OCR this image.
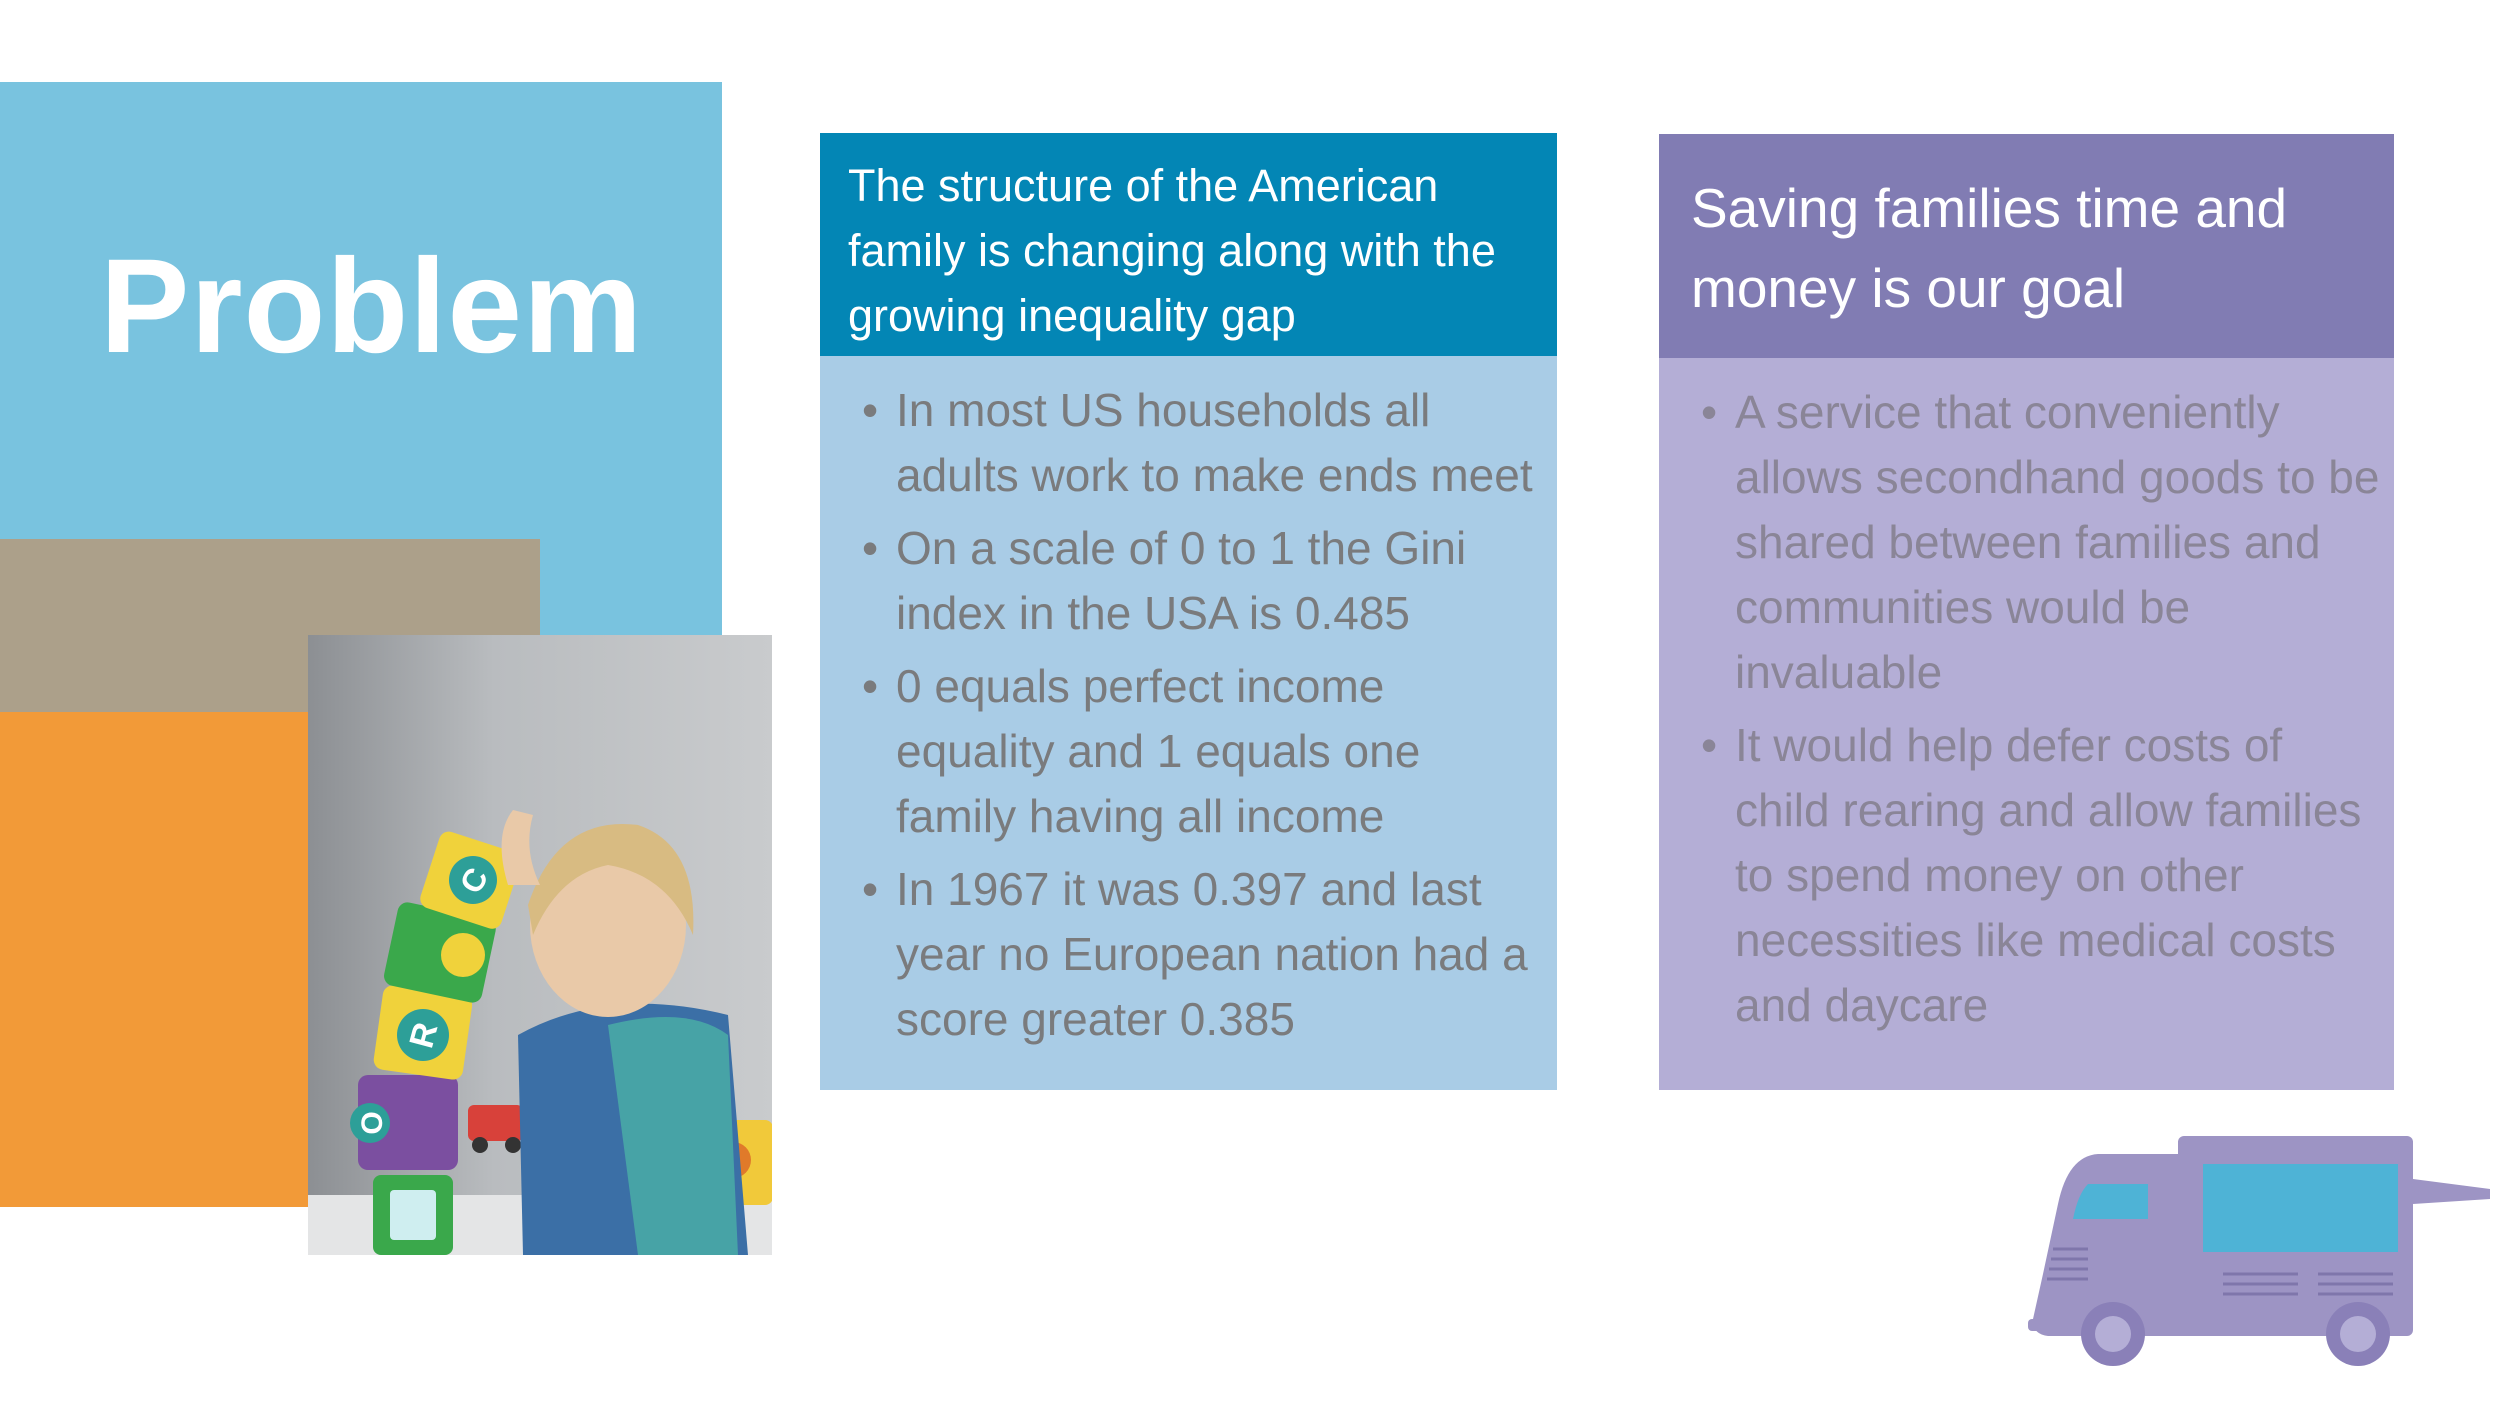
Problem
O
R
C
The structure of the American family is changing along with the growing inequality gap
• In most US households all adults work to make ends meet
• On a scale of 0 to 1 the Gini index in the USA is 0.485
• 0 equals perfect income equality and 1 equals one family having all income
• In 1967 it was 0.397 and last year no European nation had a score greater 0.385
Saving families time and money is our goal
• A service that conveniently allows secondhand goods to be shared between families and communities would be invaluable
• It would help defer costs of child rearing and allow families to spend money on other necessities like medical costs and daycare
